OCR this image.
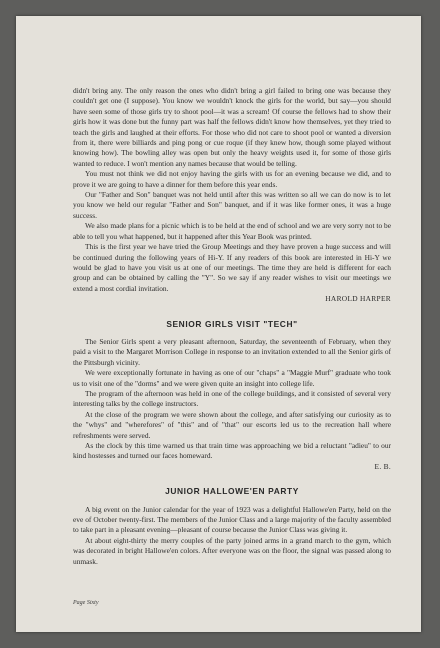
didn't bring any. The only reason the ones who didn't bring a girl failed to bring one was because they couldn't get one (I suppose). You know we wouldn't knock the girls for the world, but say—you should have seen some of those girls try to shoot pool—it was a scream! Of course the fellows had to show their girls how it was done but the funny part was half the fellows didn't know how themselves, yet they tried to teach the girls and laughed at their efforts. For those who did not care to shoot pool or wanted a diversion from it, there were billiards and ping pong or cue roque (if they knew how, though some played without knowing how). The bowling alley was open but only the heavy weights used it, for some of those girls wanted to reduce. I won't mention any names because that would be telling.

You must not think we did not enjoy having the girls with us for an evening because we did, and to prove it we are going to have a dinner for them before this year ends.

Our "Father and Son" banquet was not held until after this was written so all we can do now is to let you know we held our regular "Father and Son" banquet, and if it was like former ones, it was a huge success.

We also made plans for a picnic which is to be held at the end of school and we are very sorry not to be able to tell you what happened, but it happened after this Year Book was printed.

This is the first year we have tried the Group Meetings and they have proven a huge success and will be continued during the following years of Hi-Y. If any readers of this book are interested in Hi-Y we would be glad to have you visit us at one of our meetings. The time they are held is different for each group and can be obtained by calling the "Y". So we say if any reader wishes to visit our meetings we extend a most cordial invitation.

HAROLD HARPER

SENIOR GIRLS VISIT "TECH"

The Senior Girls spent a very pleasant afternoon, Saturday, the seventeenth of February, when they paid a visit to the Margaret Morrison College in response to an invitation extended to all the Senior girls of the Pittsburgh vicinity.

We were exceptionally fortunate in having as one of our "chaps" a "Maggie Murf" graduate who took us to visit one of the "dorms" and we were given quite an insight into college life.

The program of the afternoon was held in one of the college buildings, and it consisted of several very interesting talks by the college instructors.

At the close of the program we were shown about the college, and after satisfying our curiosity as to the "whys" and "wherefores" of "this" and of "that" our escorts led us to the recreation hall where refreshments were served.

As the clock by this time warned us that train time was approaching we bid a reluctant "adieu" to our kind hostesses and turned our faces homeward.

E. B.

JUNIOR HALLOWE'EN PARTY

A big event on the Junior calendar for the year of 1923 was a delightful Hallowe'en Party, held on the eve of October twenty-first. The members of the Junior Class and a large majority of the faculty assembled to take part in a pleasant evening—pleasant of course because the Junior Class was giving it.

At about eight-thirty the merry couples of the party joined arms in a grand march to the gym, which was decorated in bright Hallowe'en colors. After everyone was on the floor, the signal was passed along to unmask.

Page Sixty
